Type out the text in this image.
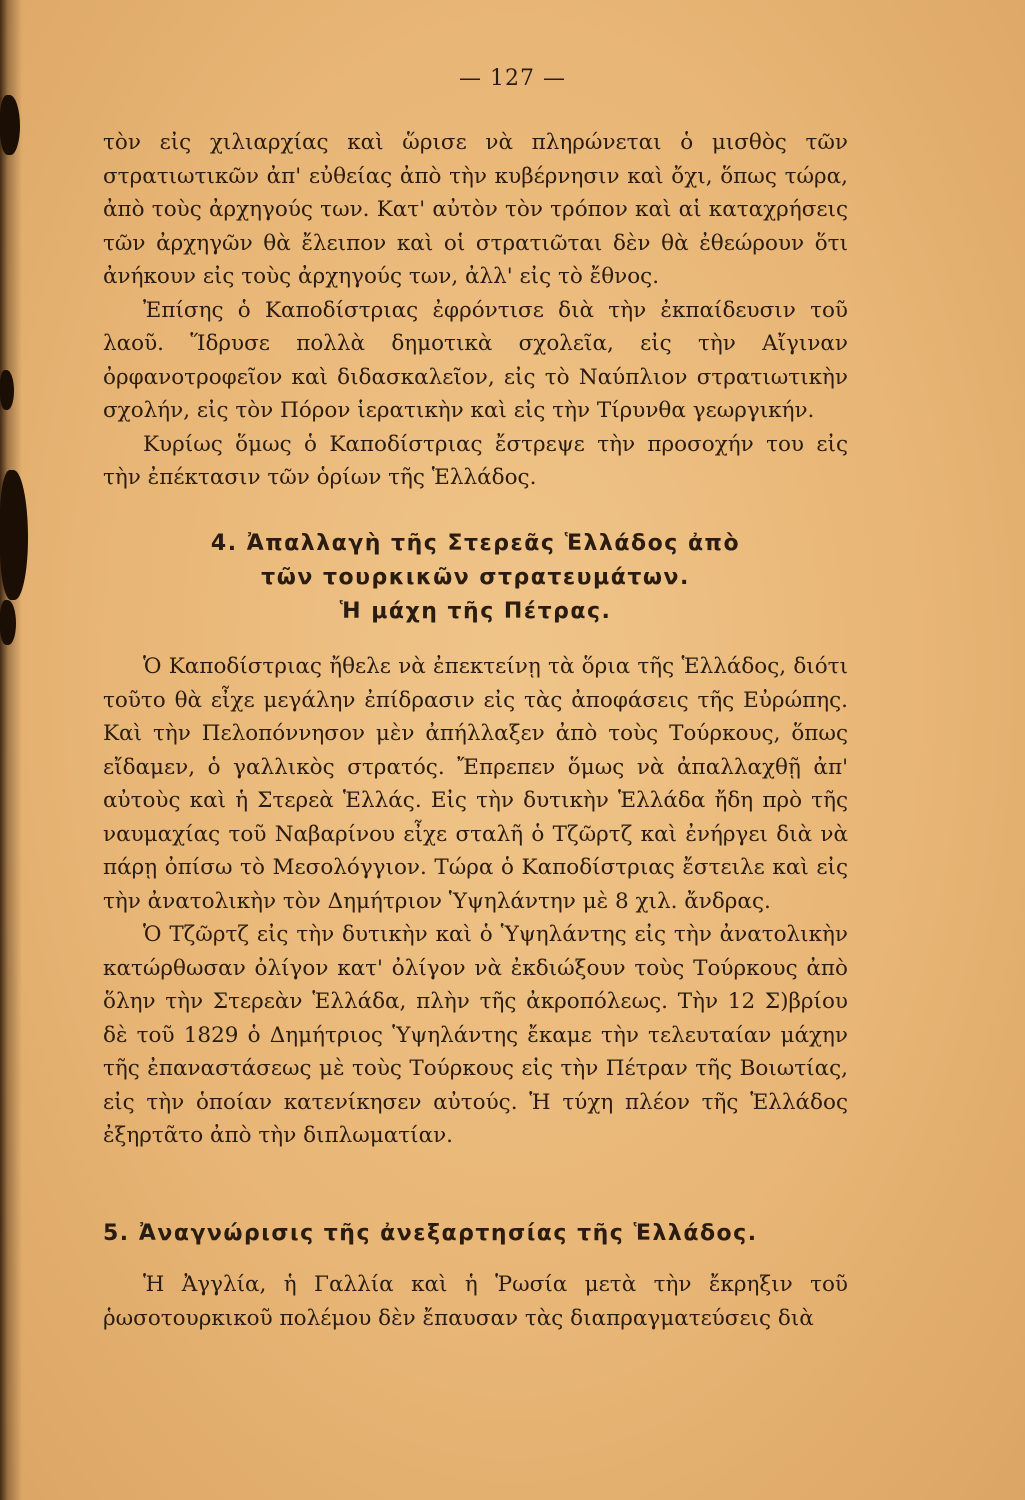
— 127 —

τὸν εἰς χιλιαρχίας καὶ ὥρισε νὰ πληρώνεται ὁ μισθὸς τῶν στρατιωτικῶν ἀπ' εὐθείας ἀπὸ τὴν κυβέρνησιν καὶ ὄχι, ὅπως τώρα, ἀπὸ τοὺς ἀρχηγούς των. Κατ' αὐτὸν τὸν τρόπον καὶ αἱ καταχρήσεις τῶν ἀρχηγῶν θὰ ἔλειπον καὶ οἱ στρατιῶται δὲν θὰ ἐθεώρουν ὅτι ἀνήκουν εἰς τοὺς ἀρχηγούς των, ἀλλ' εἰς τὸ ἔθνος.

Ἐπίσης ὁ Καποδίστριας ἐφρόντισε διὰ τὴν ἐκπαίδευσιν τοῦ λαοῦ. Ἵδρυσε πολλὰ δημοτικὰ σχολεῖα, εἰς τὴν Αἴγιναν ὀρφανοτροφεῖον καὶ διδασκαλεῖον, εἰς τὸ Ναύπλιον στρατιωτικὴν σχολήν, εἰς τὸν Πόρον ἱερατικὴν καὶ εἰς τὴν Τίρυνθα γεωργικήν.

Κυρίως ὅμως ὁ Καποδίστριας ἔστρεψε τὴν προσοχήν του εἰς τὴν ἐπέκτασιν τῶν ὁρίων τῆς Ἑλλάδος.

4. Ἀπαλλαγὴ τῆς Στερεᾶς Ἑλλάδος ἀπὸ
τῶν τουρκικῶν στρατευμάτων.
Ἡ μάχη τῆς Πέτρας.

Ὁ Καποδίστριας ἤθελε νὰ ἐπεκτείνῃ τὰ ὅρια τῆς Ἑλλάδος, διότι τοῦτο θὰ εἶχε μεγάλην ἐπίδρασιν εἰς τὰς ἀποφάσεις τῆς Εὐρώπης. Καὶ τὴν Πελοπόννησον μὲν ἀπήλλαξεν ἀπὸ τοὺς Τούρκους, ὅπως εἴδαμεν, ὁ γαλλικὸς στρατός. Ἔπρεπεν ὅμως νὰ ἀπαλλαχθῇ ἀπ' αὐτοὺς καὶ ἡ Στερεὰ Ἑλλάς. Εἰς τὴν δυτικὴν Ἑλλάδα ἤδη πρὸ τῆς ναυμαχίας τοῦ Ναβαρίνου εἶχε σταλῆ ὁ Τζῶρτζ καὶ ἐνήργει διὰ νὰ πάρῃ ὀπίσω τὸ Μεσολόγγιον. Τώρα ὁ Καποδίστριας ἔστειλε καὶ εἰς τὴν ἀνατολικὴν τὸν Δημήτριον Ὑψηλάντην μὲ 8 χιλ. ἄνδρας.

Ὁ Τζῶρτζ εἰς τὴν δυτικὴν καὶ ὁ Ὑψηλάντης εἰς τὴν ἀνατολικὴν κατώρθωσαν ὀλίγον κατ' ὀλίγον νὰ ἐκδιώξουν τοὺς Τούρκους ἀπὸ ὅλην τὴν Στερεὰν Ἑλλάδα, πλὴν τῆς ἀκροπόλεως. Τὴν 12 Σ)βρίου δὲ τοῦ 1829 ὁ Δημήτριος Ὑψηλάντης ἔκαμε τὴν τελευταίαν μάχην τῆς ἐπαναστάσεως μὲ τοὺς Τούρκους εἰς τὴν Πέτραν τῆς Βοιωτίας, εἰς τὴν ὁποίαν κατενίκησεν αὐτούς. Ἡ τύχη πλέον τῆς Ἑλλάδος ἐξηρτᾶτο ἀπὸ τὴν διπλωματίαν.

5. Ἀναγνώρισις τῆς ἀνεξαρτησίας τῆς Ἑλλάδος.

Ἡ Ἀγγλία, ἡ Γαλλία καὶ ἡ Ῥωσία μετὰ τὴν ἔκρηξιν τοῦ ῥωσοτουρκικοῦ πολέμου δὲν ἔπαυσαν τὰς διαπραγματεύσεις διὰ
